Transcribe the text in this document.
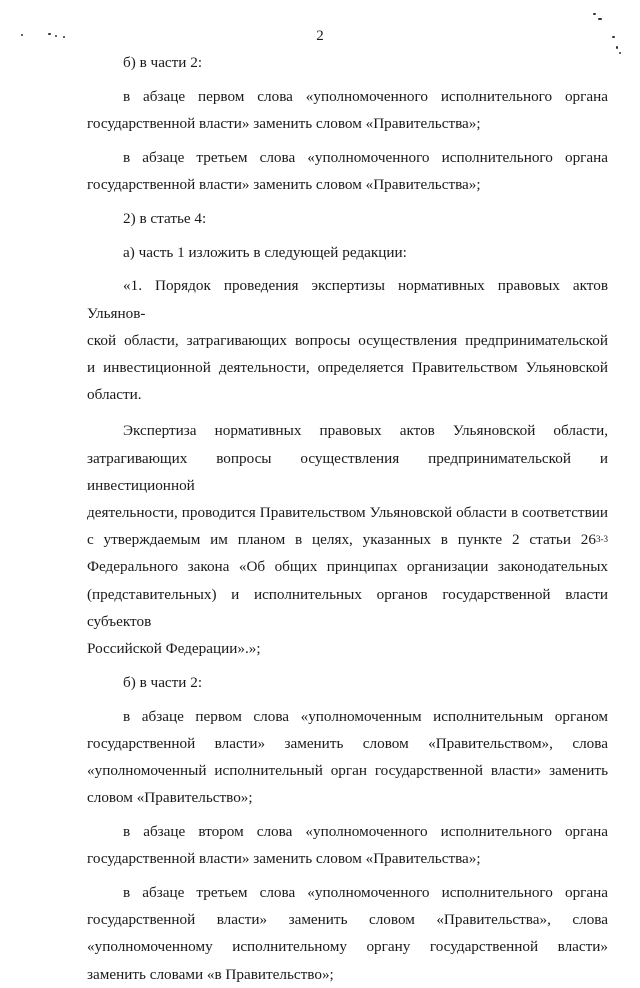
2

б) в части 2:

в абзаце первом слова «уполномоченного исполнительного органа

государственной власти» заменить словом «Правительства»;

в абзаце третьем слова «уполномоченного исполнительного органа

государственной власти» заменить словом «Правительства»;

2) в статье 4:

а) часть 1 изложить в следующей редакции:

«1. Порядок проведения экспертизы нормативных правовых актов Ульянов-

ской области, затрагивающих вопросы осуществления предпринимательской

и инвестиционной деятельности, определяется Правительством Ульяновской

области.

Экспертиза нормативных правовых актов Ульяновской области,

затрагивающих вопросы осуществления предпринимательской и инвестиционной

деятельности, проводится Правительством Ульяновской области в соответствии

с утверждаемым им планом в целях, указанных в пункте 2 статьи 26$^{3-3}$

Федерального закона «Об общих принципах организации законодательных

(представительных) и исполнительных органов государственной власти субъектов

Российской Федерации».»;

б) в части 2:

в абзаце первом слова «уполномоченным исполнительным органом

государственной власти» заменить словом «Правительством», слова

«уполномоченный исполнительный орган государственной власти» заменить

словом «Правительство»;

в абзаце втором слова «уполномоченного исполнительного органа

государственной власти» заменить словом «Правительства»;

в абзаце третьем слова «уполномоченного исполнительного органа

государственной власти» заменить словом «Правительства», слова

«уполномоченному исполнительному органу государственной власти»

заменить словами «в Правительство»;
